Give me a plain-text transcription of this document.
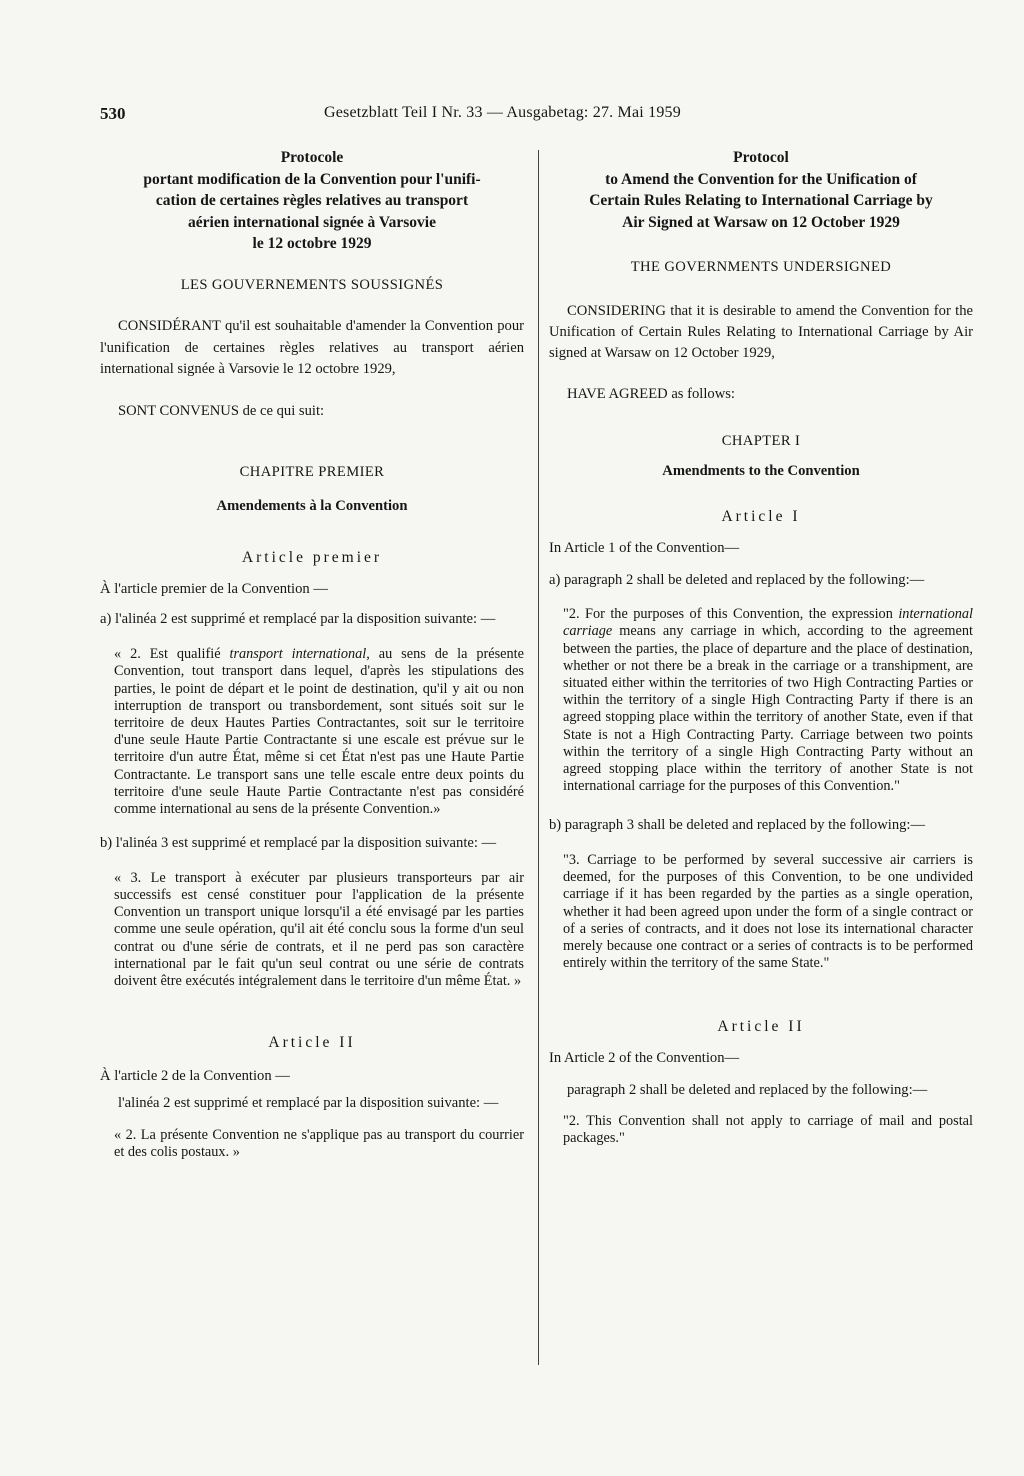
530	Gesetzblatt Teil I Nr. 33 — Ausgabetag: 27. Mai 1959
Protocole
portant modification de la Convention pour l'unifi-
cation de certaines règles relatives au transport
aérien international signée à Varsovie
le 12 octobre 1929
LES GOUVERNEMENTS SOUSSIGNÉS

CONSIDÉRANT qu'il est souhaitable d'amender la Convention pour l'unification de certaines règles relatives au transport aérien international signée à Varsovie le 12 octobre 1929,

SONT CONVENUS de ce qui suit:

CHAPITRE PREMIER
Amendements à la Convention
Article premier

À l'article premier de la Convention —

a) l'alinéa 2 est supprimé et remplacé par la disposition suivante: —

« 2. Est qualifié transport international, au sens de la présente Convention, tout transport dans lequel, d'après les stipulations des parties, le point de départ et le point de destination, qu'il y ait ou non interruption de transport ou transbordement, sont situés soit sur le territoire de deux Hautes Parties Contractantes, soit sur le territoire d'une seule Haute Partie Contractante si une escale est prévue sur le territoire d'un autre État, même si cet État n'est pas une Haute Partie Contractante. Le transport sans une telle escale entre deux points du territoire d'une seule Haute Partie Contractante n'est pas considéré comme international au sens de la présente Convention.»

b) l'alinéa 3 est supprimé et remplacé par la disposition suivante: —

« 3. Le transport à exécuter par plusieurs transporteurs par air successifs est censé constituer pour l'application de la présente Convention un transport unique lorsqu'il a été envisagé par les parties comme une seule opération, qu'il ait été conclu sous la forme d'un seul contrat ou d'une série de contrats, et il ne perd pas son caractère international par le fait qu'un seul contrat ou une série de contrats doivent être exécutés intégralement dans le territoire d'un même État. »

Article II

À l'article 2 de la Convention —

l'alinéa 2 est supprimé et remplacé par la disposition suivante: —

« 2. La présente Convention ne s'applique pas au transport du courrier et des colis postaux. »

Protocol
to Amend the Convention for the Unification of
Certain Rules Relating to International Carriage by
Air Signed at Warsaw on 12 October 1929
THE GOVERNMENTS UNDERSIGNED

CONSIDERING that it is desirable to amend the Convention for the Unification of Certain Rules Relating to International Carriage by Air signed at Warsaw on 12 October 1929,

HAVE AGREED as follows:

CHAPTER I
Amendments to the Convention
Article I

In Article 1 of the Convention—

a) paragraph 2 shall be deleted and replaced by the following:—

"2. For the purposes of this Convention, the expression international carriage means any carriage in which, according to the agreement between the parties, the place of departure and the place of destination, whether or not there be a break in the carriage or a transhipment, are situated either within the territories of two High Contracting Parties or within the territory of a single High Contracting Party if there is an agreed stopping place within the territory of another State, even if that State is not a High Contracting Party. Carriage between two points within the territory of a single High Contracting Party without an agreed stopping place within the territory of another State is not international carriage for the purposes of this Convention."

b) paragraph 3 shall be deleted and replaced by the following:—

"3. Carriage to be performed by several successive air carriers is deemed, for the purposes of this Convention, to be one undivided carriage if it has been regarded by the parties as a single operation, whether it had been agreed upon under the form of a single contract or of a series of contracts, and it does not lose its international character merely because one contract or a series of contracts is to be performed entirely within the territory of the same State."

Article II

In Article 2 of the Convention—

paragraph 2 shall be deleted and replaced by the following:—

"2. This Convention shall not apply to carriage of mail and postal packages."
